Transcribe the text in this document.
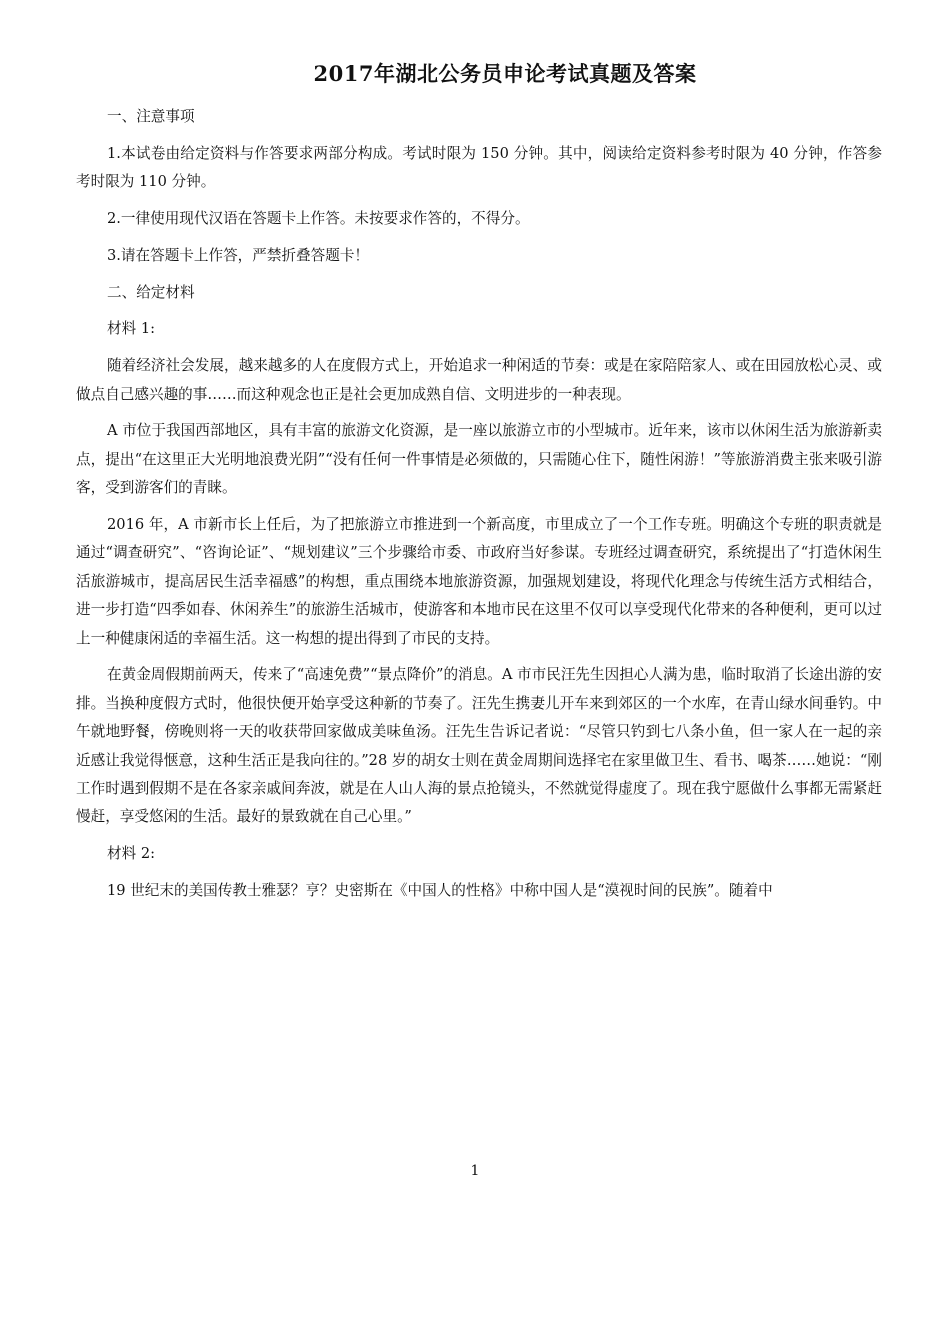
2017年湖北公务员申论考试真题及答案

一、注意事项

1.本试卷由给定资料与作答要求两部分构成。考试时限为 150 分钟。其中，阅读给定资料参考时限为 40 分钟，作答参考时限为 110 分钟。

2.一律使用现代汉语在答题卡上作答。未按要求作答的，不得分。

3.请在答题卡上作答，严禁折叠答题卡！

二、给定材料

材料 1:

随着经济社会发展，越来越多的人在度假方式上，开始追求一种闲适的节奏：或是在家陪陪家人、或在田园放松心灵、或做点自己感兴趣的事……而这种观念也正是社会更加成熟自信、文明进步的一种表现。

A 市位于我国西部地区，具有丰富的旅游文化资源，是一座以旅游立市的小型城市。近年来，该市以休闲生活为旅游新卖点，提出“在这里正大光明地浪费光阴”“没有任何一件事情是必须做的，只需随心住下，随性闲游！”等旅游消费主张来吸引游客，受到游客们的青睐。

2016 年，A 市新市长上任后，为了把旅游立市推进到一个新高度，市里成立了一个工作专班。明确这个专班的职责就是通过“调查研究”、“咨询论证”、“规划建议”三个步骤给市委、市政府当好参谋。专班经过调查研究，系统提出了“打造休闲生活旅游城市，提高居民生活幸福感”的构想，重点围绕本地旅游资源，加强规划建设，将现代化理念与传统生活方式相结合，进一步打造“四季如春、休闲养生”的旅游生活城市，使游客和本地市民在这里不仅可以享受现代化带来的各种便利，更可以过上一种健康闲适的幸福生活。这一构想的提出得到了市民的支持。

在黄金周假期前两天，传来了“高速免费”“景点降价”的消息。A 市市民汪先生因担心人满为患，临时取消了长途出游的安排。当换种度假方式时，他很快便开始享受这种新的节奏了。汪先生携妻儿开车来到郊区的一个水库，在青山绿水间垂钓。中午就地野餐，傍晚则将一天的收获带回家做成美味鱼汤。汪先生告诉记者说：“尽管只钓到七八条小鱼，但一家人在一起的亲近感让我觉得惬意，这种生活正是我向往的。”28 岁的胡女士则在黄金周期间选择宅在家里做卫生、看书、喝茶……她说：“刚工作时遇到假期不是在各家亲戚间奔波，就是在人山人海的景点抢镜头，不然就觉得虚度了。现在我宁愿做什么事都无需紧赶慢赶，享受悠闲的生活。最好的景致就在自己心里。”

材料 2:

19 世纪末的美国传教士雅瑟？亨？史密斯在《中国人的性格》中称中国人是“漠视时间的民族”。随着中

1
